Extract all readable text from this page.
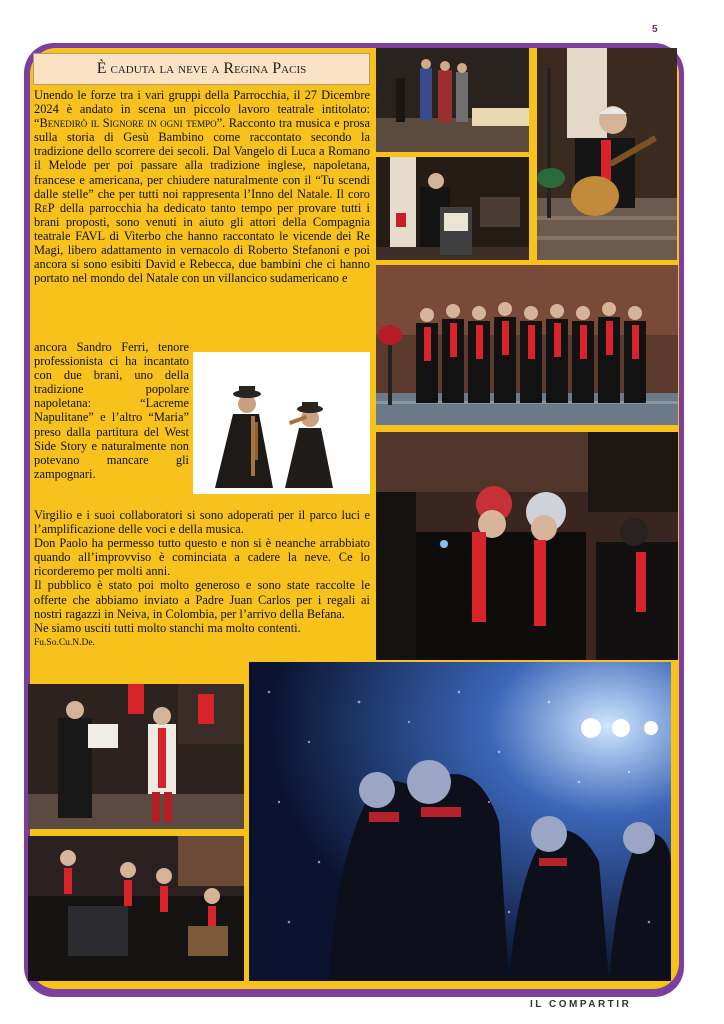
5
È caduta la neve a Regina Pacis
Unendo le forze tra i vari gruppi della Parrocchia, il 27 Dicembre 2024 è andato in scena un piccolo lavoro teatrale intitolato: “Benedirò il Signore in ogni tempo”. Racconto tra musica e prosa sulla storia di Gesù Bambino come raccontato secondo la tradizione dello scorrere dei secoli. Dal Vangelo di Luca a Romano il Melode per poi passare alla tradizione inglese, napoletana, francese e americana, per chiudere naturalmente con il “Tu scendi dalle stelle” che per tutti noi rappresenta l’Inno del Natale. Il coro ReP della parrocchia ha dedicato tanto tempo per provare tutti i brani proposti, sono venuti in aiuto gli attori della Compagnia teatrale FAVL di Viterbo che hanno raccontato le vicende dei Re Magi, libero adattamento in vernacolo di Roberto Stefanoni e poi ancora si sono esibiti David e Rebecca, due bambini che ci hanno portato nel mondo del Natale con un villancico sudamericano e
ancora Sandro Ferri, tenore professionista ci ha incantato con due brani, uno della tradizione popolare napoletana: “Lacreme Napulitane” e l’altro “Maria” preso dalla partitura del West Side Story e naturalmente non potevano mancare gli zampognari.
Virgilio e i suoi collaboratori si sono adoperati per il parco luci e l’amplificazione delle voci e della musica.
Don Paolo ha permesso tutto questo e non si è neanche arrabbiato quando all’improvviso è cominciata a cadere la neve. Ce lo ricorderemo per molti anni.
Il pubblico è stato poi molto generoso e sono state raccolte le offerte che abbiamo inviato a Padre Juan Carlos per i regali ai nostri ragazzi in Neiva, in Colombia, per l’arrivo della Befana.
Ne siamo usciti tutti molto stanchi ma molto contenti.
Fu.So.Cu.N.De.
IL COMPARTIR
